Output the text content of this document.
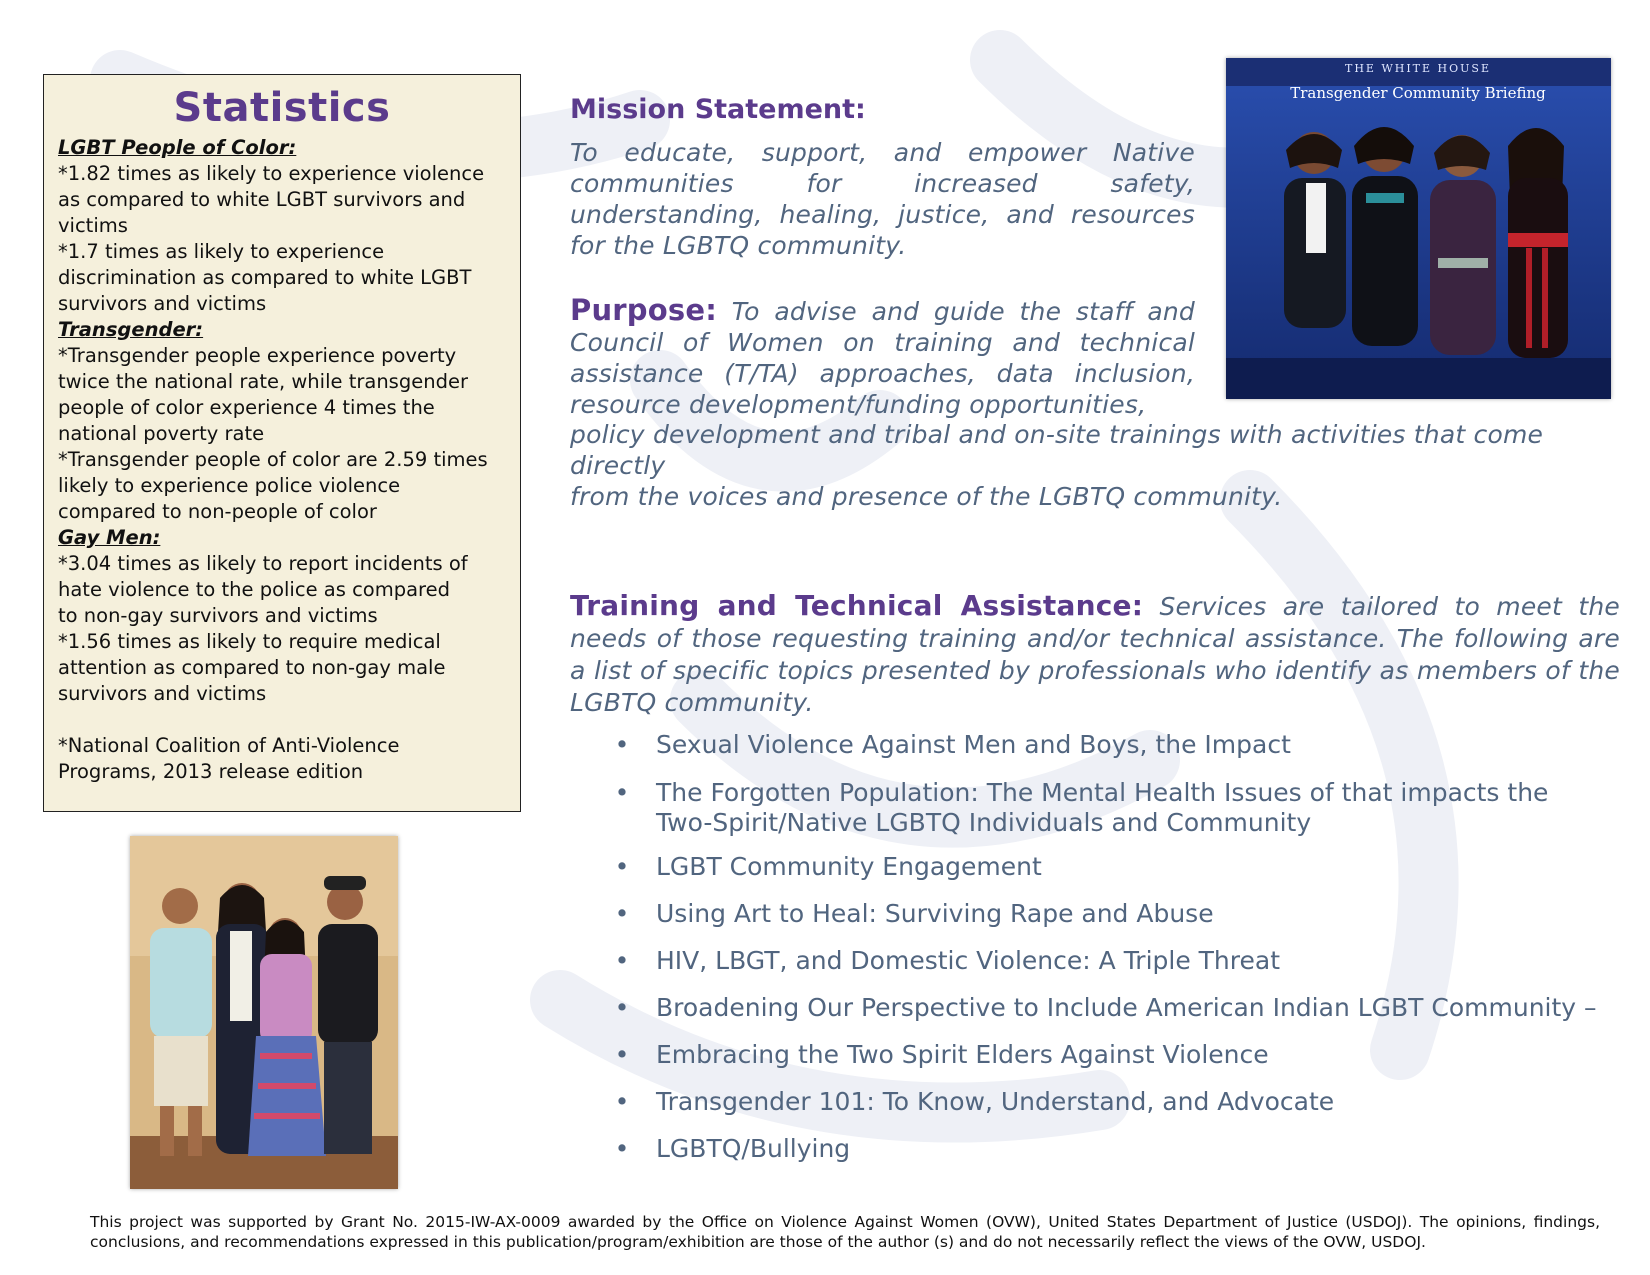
Statistics
LGBT People of Color:
*1.82 times as likely to experience violence
as compared to white LGBT survivors and
victims
*1.7 times as likely to experience
discrimination as compared to white LGBT
survivors and victims
Transgender:
*Transgender people experience poverty
twice the national rate, while transgender
people of color experience 4 times the
national poverty rate
*Transgender people of color are 2.59 times
likely to experience police violence
compared to non-people of color
Gay Men:
*3.04 times as likely to report incidents of
hate violence to the police as compared
to non-gay survivors and victims
*1.56 times as likely to require medical
attention as compared to non-gay male
survivors and victims
*National Coalition of Anti-Violence
Programs, 2013 release edition
THE WHITE HOUSE
Transgender Community Briefing
Mission Statement:
To educate, support, and empower Native communities for increased safety, understanding, healing, justice, and resources for the LGBTQ community.
Purpose: To advise and guide the staff and Council of Women on training and technical assistance (T/TA) approaches, data inclusion, resource development/funding opportunities,
policy development and tribal and on-site trainings with activities that come directly
from the voices and presence of the LGBTQ community.
Training and Technical Assistance: Services are tailored to meet the needs of those requesting training and/or technical assistance. The following are a list of specific topics presented by professionals who identify as members of the LGBTQ community.
• Sexual Violence Against Men and Boys, the Impact
• The Forgotten Population: The Mental Health Issues of that impacts the Two-Spirit/Native LGBTQ Individuals and Community
• LGBT Community Engagement
• Using Art to Heal: Surviving Rape and Abuse
• HIV, LBGT, and Domestic Violence: A Triple Threat
• Broadening Our Perspective to Include American Indian LGBT Community –
• Embracing the Two Spirit Elders Against Violence
• Transgender 101: To Know, Understand, and Advocate
• LGBTQ/Bullying
This project was supported by Grant No. 2015-IW-AX-0009 awarded by the Office on Violence Against Women (OVW), United States Department of Justice (USDOJ). The opinions, findings, conclusions, and recommendations expressed in this publication/program/exhibition are those of the author (s) and do not necessarily reflect the views of the OVW, USDOJ.
